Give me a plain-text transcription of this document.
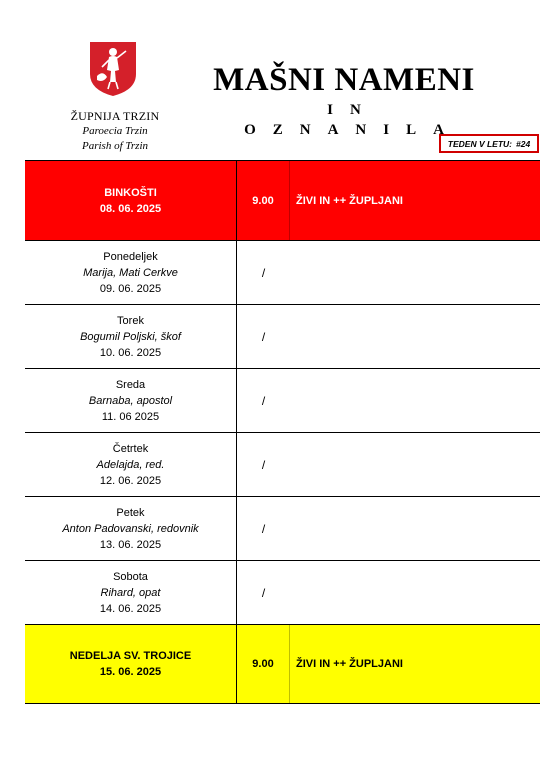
ŽUPNIJA TRZIN
Paroecia Trzin
Parish of Trzin
MAŠNI NAMENI
IN OZNANILA
TEDEN V LETU: #24
BINKOŠTI
08. 06. 2025
9.00	ŽIVI IN ++ ŽUPLJANI
Ponedeljek
Marija, Mati Cerkve
09. 06. 2025
/
Torek
Bogumil Poljski, škof
10. 06. 2025
/
Sreda
Barnaba, apostol
11. 06 2025
/
Četrtek
Adelajda, red.
12. 06. 2025
/
Petek
Anton Padovanski, redovnik
13. 06. 2025
/
Sobota
Rihard, opat
14. 06. 2025
/
NEDELJA SV. TROJICE
15. 06. 2025
9.00	ŽIVI IN ++ ŽUPLJANI
